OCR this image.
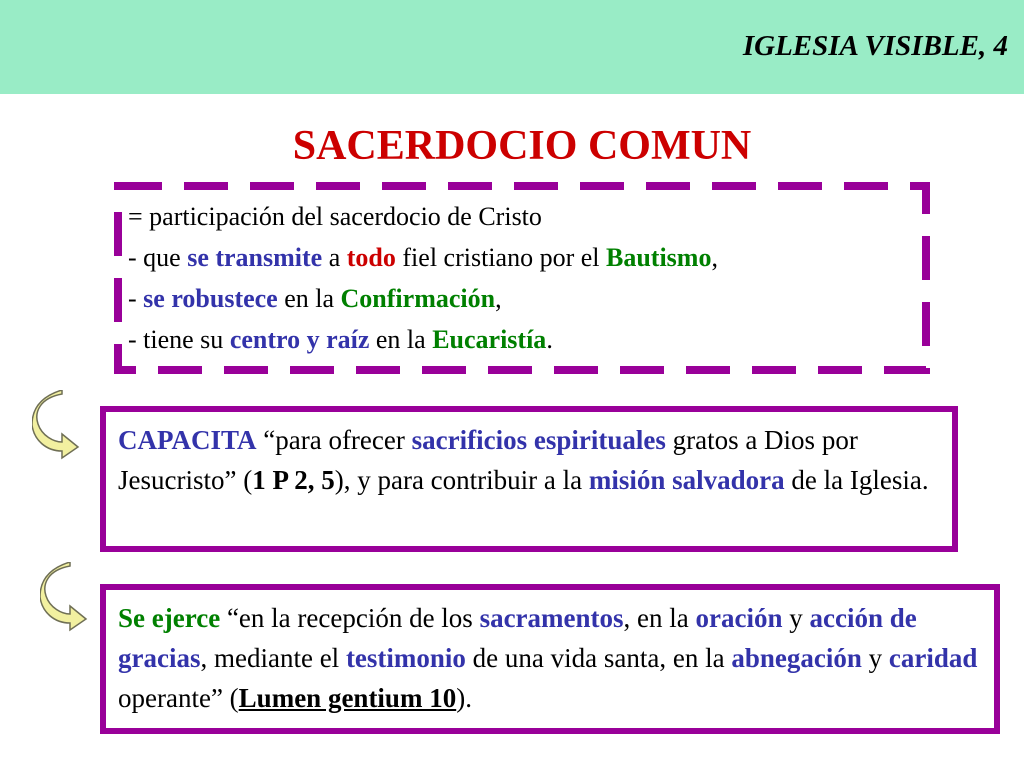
IGLESIA VISIBLE, 4
SACERDOCIO COMUN
= participación del sacerdocio de Cristo
- que se transmite a todo fiel cristiano por el Bautismo,
- se robustece en la Confirmación,
- tiene su centro y raíz en la Eucaristía.
CAPACITA “para ofrecer sacrificios espirituales gratos a Dios por Jesucristo” (1 P 2, 5), y para contribuir a la misión salvadora de la Iglesia.
Se ejerce “en la recepción de los sacramentos, en la oración y acción de gracias, mediante el testimonio de una vida santa, en la abnegación y caridad operante” (Lumen gentium 10).
